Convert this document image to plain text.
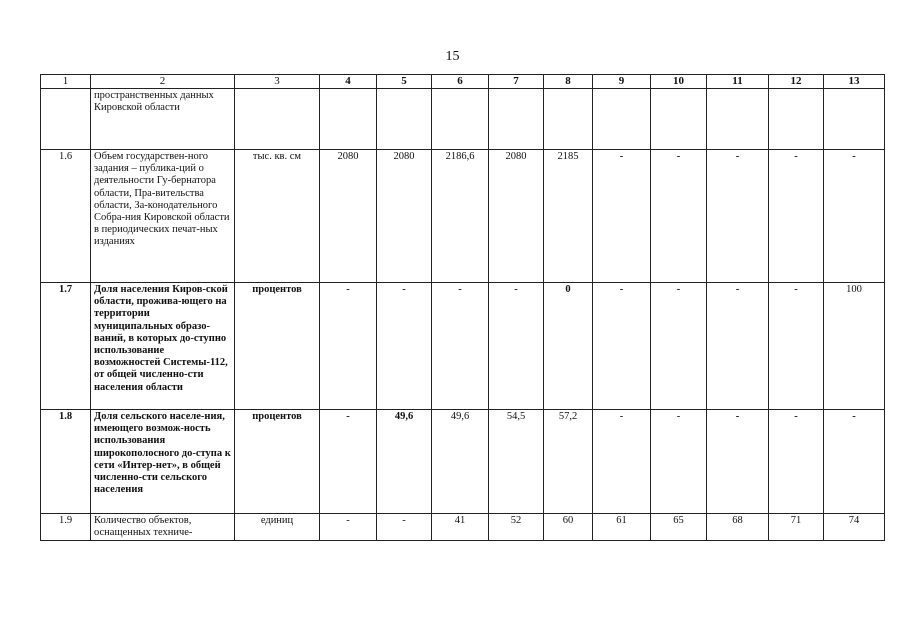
15
1	2	3	4	5	6	7	8	9	10	11	12	13
	пространственных данных Кировской области											
1.6	Объем государствен-ного задания – публика-ций о деятельности Гу-бернатора области, Пра-вительства области, За-конодательного Собра-ния Кировской области в периодических печат-ных изданиях	тыс. кв. см	2080	2080	2186,6	2080	2185	-	-	-	-	-
1.7	Доля населения Киров-ской области, прожива-ющего на территории муниципальных образо-ваний, в которых до-ступно использование возможностей Системы-112, от общей численно-сти населения области	процентов	-	-	-	-	0	-	-	-	-	100
1.8	Доля сельского населе-ния, имеющего возмож-ность использования широкополосного до-ступа к сети «Интер-нет», в общей численно-сти сельского населения	процентов	-	49,6	49,6	54,5	57,2	-	-	-	-	-
1.9	Количество объектов, оснащенных техниче-	единиц	-	-	41	52	60	61	65	68	71	74
